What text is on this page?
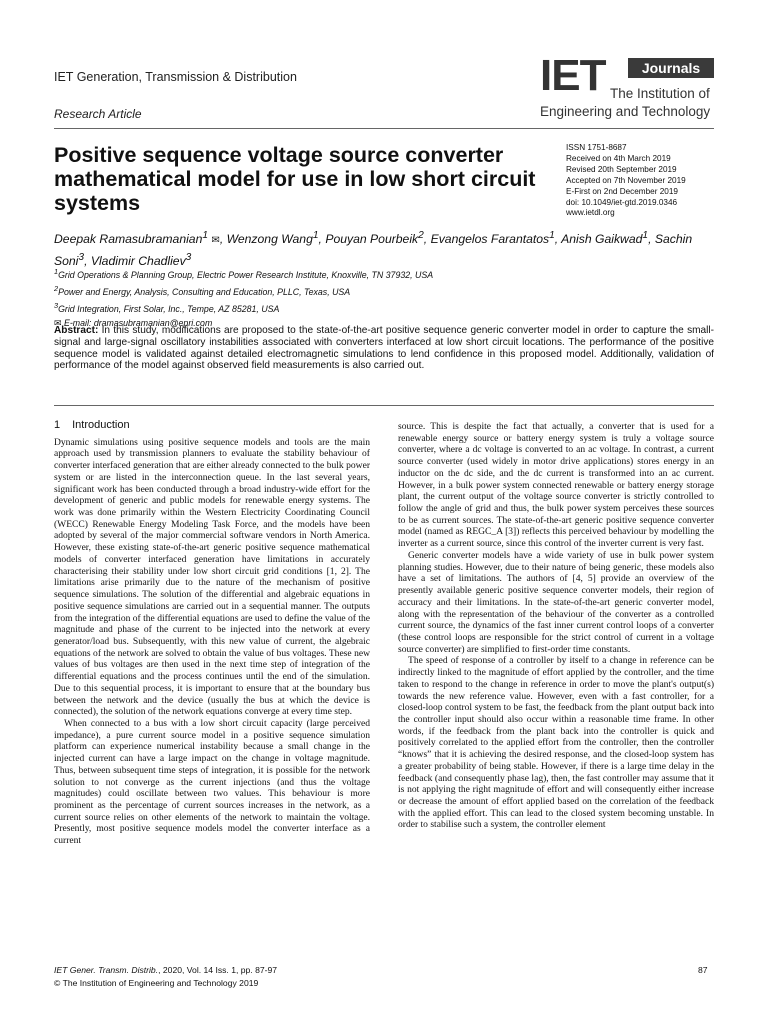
IET Generation, Transmission & Distribution
Research Article
IET	Journals
The Institution of
Engineering and Technology
Positive sequence voltage source converter mathematical model for use in low short circuit systems
ISSN 1751-8687
Received on 4th March 2019
Revised 20th September 2019
Accepted on 7th November 2019
E-First on 2nd December 2019
doi: 10.1049/iet-gtd.2019.0346
www.ietdl.org
Deepak Ramasubramanian$^1$ ✉, Wenzong Wang$^1$, Pouyan Pourbeik$^2$, Evangelos Farantatos$^1$, Anish Gaikwad$^1$, Sachin Soni$^3$, Vladimir Chadliev$^3$
$^1$Grid Operations & Planning Group, Electric Power Research Institute, Knoxville, TN 37932, USA
$^2$Power and Energy, Analysis, Consulting and Education, PLLC, Texas, USA
$^3$Grid Integration, First Solar, Inc., Tempe, AZ 85281, USA
✉ E-mail: dramasubramanian@epri.com
Abstract: In this study, modifications are proposed to the state-of-the-art positive sequence generic converter model in order to capture the small-signal and large-signal oscillatory instabilities associated with converters interfaced at low short circuit locations. The performance of the positive sequence model is validated against detailed electromagnetic simulations to lend confidence in this proposed model. Additionally, validation of performance of the model against observed field measurements is also carried out.
1 Introduction

Dynamic simulations using positive sequence models and tools are the main approach used by transmission planners to evaluate the stability behaviour of converter interfaced generation that are either already connected to the bulk power system or are listed in the interconnection queue. In the last several years, significant work has been conducted through a broad industry-wide effort for the development of generic and public models for renewable energy systems. The work was done primarily within the Western Electricity Coordinating Council (WECC) Renewable Energy Modeling Task Force, and the models have been adopted by several of the major commercial software vendors in North America. However, these existing state-of-the-art generic positive sequence mathematical models of converter interfaced generation have limitations in accurately characterising their stability under low short circuit grid conditions [1, 2]. The limitations arise primarily due to the nature of the mechanism of positive sequence simulations. The solution of the differential and algebraic equations in positive sequence simulations are carried out in a sequential manner. The outputs from the integration of the differential equations are used to define the value of the magnitude and phase of the current to be injected into the network at every generator/load bus. Subsequently, with this new value of current, the algebraic equations of the network are solved to obtain the value of bus voltages. These new values of bus voltages are then used in the next time step of integration of the differential equations and the process continues until the end of the simulation. Due to this sequential process, it is important to ensure that at the boundary bus between the network and the device (usually the bus at which the device is connected), the solution of the network equations converge at every time step.

When connected to a bus with a low short circuit capacity (large perceived impedance), a pure current source model in a positive sequence simulation platform can experience numerical instability because a small change in the injected current can have a large impact on the change in voltage magnitude. Thus, between subsequent time steps of integration, it is possible for the network solution to not converge as the current injections (and thus the voltage magnitudes) could oscillate between two values. This behaviour is more prominent as the percentage of current sources increases in the network, as a current source relies on other elements of the network to maintain the voltage. Presently, most positive sequence models model the converter interface as a current

source. This is despite the fact that actually, a converter that is used for a renewable energy source or battery energy system is truly a voltage source converter, where a dc voltage is converted to an ac voltage. In contrast, a current source converter (used widely in motor drive applications) stores energy in an inductor on the dc side, and the dc current is transformed into an ac current. However, in a bulk power system connected renewable or battery energy storage plant, the current output of the voltage source converter is strictly controlled to follow the angle of grid and thus, the bulk power system perceives these sources to be as current sources. The state-of-the-art generic positive sequence converter model (named as REGC_A [3]) reflects this perceived behaviour by modelling the inverter as a current source, since this control of the inverter current is very fast.

Generic converter models have a wide variety of use in bulk power system planning studies. However, due to their nature of being generic, these models also have a set of limitations. The authors of [4, 5] provide an overview of the presently available generic positive sequence converter models, their region of accuracy and their limitations. In the state-of-the-art generic converter model, along with the representation of the behaviour of the converter as a controlled current source, the dynamics of the fast inner current control loops of a converter (these control loops are responsible for the strict control of current in a voltage source converter) are simplified to first-order time constants.

The speed of response of a controller by itself to a change in reference can be indirectly linked to the magnitude of effort applied by the controller, and the time taken to respond to the change in reference in order to move the plant's output(s) towards the new reference value. However, even with a fast controller, for a closed-loop control system to be fast, the feedback from the plant output back into the controller input should also occur within a reasonable time frame. In other words, if the feedback from the plant back into the controller is quick and positively correlated to the applied effort from the controller, then the controller “knows” that it is achieving the desired response, and the closed-loop system has a greater probability of being stable. However, if there is a large time delay in the feedback (and consequently phase lag), then, the fast controller may assume that it is not applying the right magnitude of effort and will consequently either increase or decrease the amount of effort applied based on the correlation of the feedback with the applied effort. This can lead to the closed system becoming unstable. In order to stabilise such a system, the controller element

IET Gener. Transm. Distrib., 2020, Vol. 14 Iss. 1, pp. 87-97
© The Institution of Engineering and Technology 2019
87
